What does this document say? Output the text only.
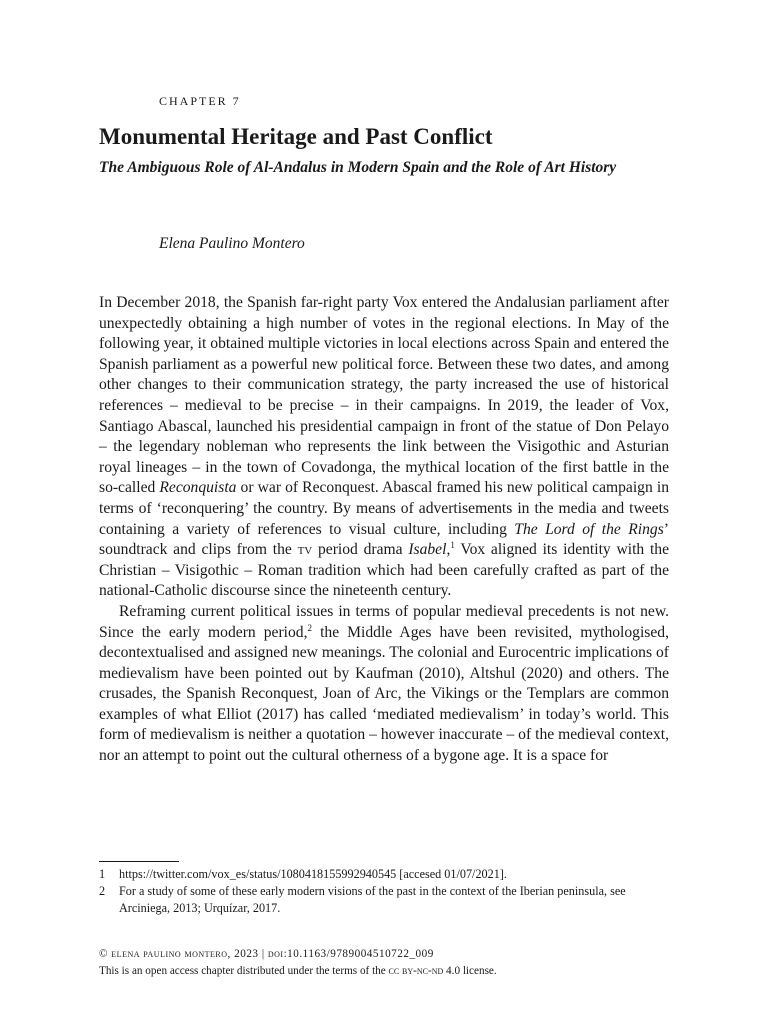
CHAPTER 7
Monumental Heritage and Past Conflict
The Ambiguous Role of Al-Andalus in Modern Spain and the Role of Art History
Elena Paulino Montero

In December 2018, the Spanish far-right party Vox entered the Andalusian parliament after unexpectedly obtaining a high number of votes in the regional elections. In May of the following year, it obtained multiple victories in local elections across Spain and entered the Spanish parliament as a powerful new political force. Between these two dates, and among other changes to their communication strategy, the party increased the use of historical references – medieval to be precise – in their campaigns. In 2019, the leader of Vox, Santiago Abascal, launched his presidential campaign in front of the statue of Don Pelayo – the legendary nobleman who represents the link between the Visigothic and Asturian royal lineages – in the town of Covadonga, the mythical location of the first battle in the so-called Reconquista or war of Reconquest. Abascal framed his new political campaign in terms of ‘reconquering’ the country. By means of advertisements in the media and tweets containing a variety of references to visual culture, including The Lord of the Rings’ soundtrack and clips from the tv period drama Isabel,$^1$ Vox aligned its identity with the Christian – Visigothic – Roman tradition which had been carefully crafted as part of the national-Catholic discourse since the nineteenth century.

Reframing current political issues in terms of popular medieval precedents is not new. Since the early modern period,$^2$ the Middle Ages have been revisited, mythologised, decontextualised and assigned new meanings. The colonial and Eurocentric implications of medievalism have been pointed out by Kaufman (2010), Altshul (2020) and others. The crusades, the Spanish Reconquest, Joan of Arc, the Vikings or the Templars are common examples of what Elliot (2017) has called ‘mediated medievalism’ in today’s world. This form of medievalism is neither a quotation – however inaccurate – of the medieval context, nor an attempt to point out the cultural otherness of a bygone age. It is a space for

1	https://twitter.com/vox_es/status/1080418155992940545 [accesed 01/07/2021].
2	For a study of some of these early modern visions of the past in the context of the Iberian peninsula, see Arciniega, 2013; Urquízar, 2017.
© elena paulino montero, 2023 | doi:10.1163/9789004510722_009
This is an open access chapter distributed under the terms of the cc by-nc-nd 4.0 license.
